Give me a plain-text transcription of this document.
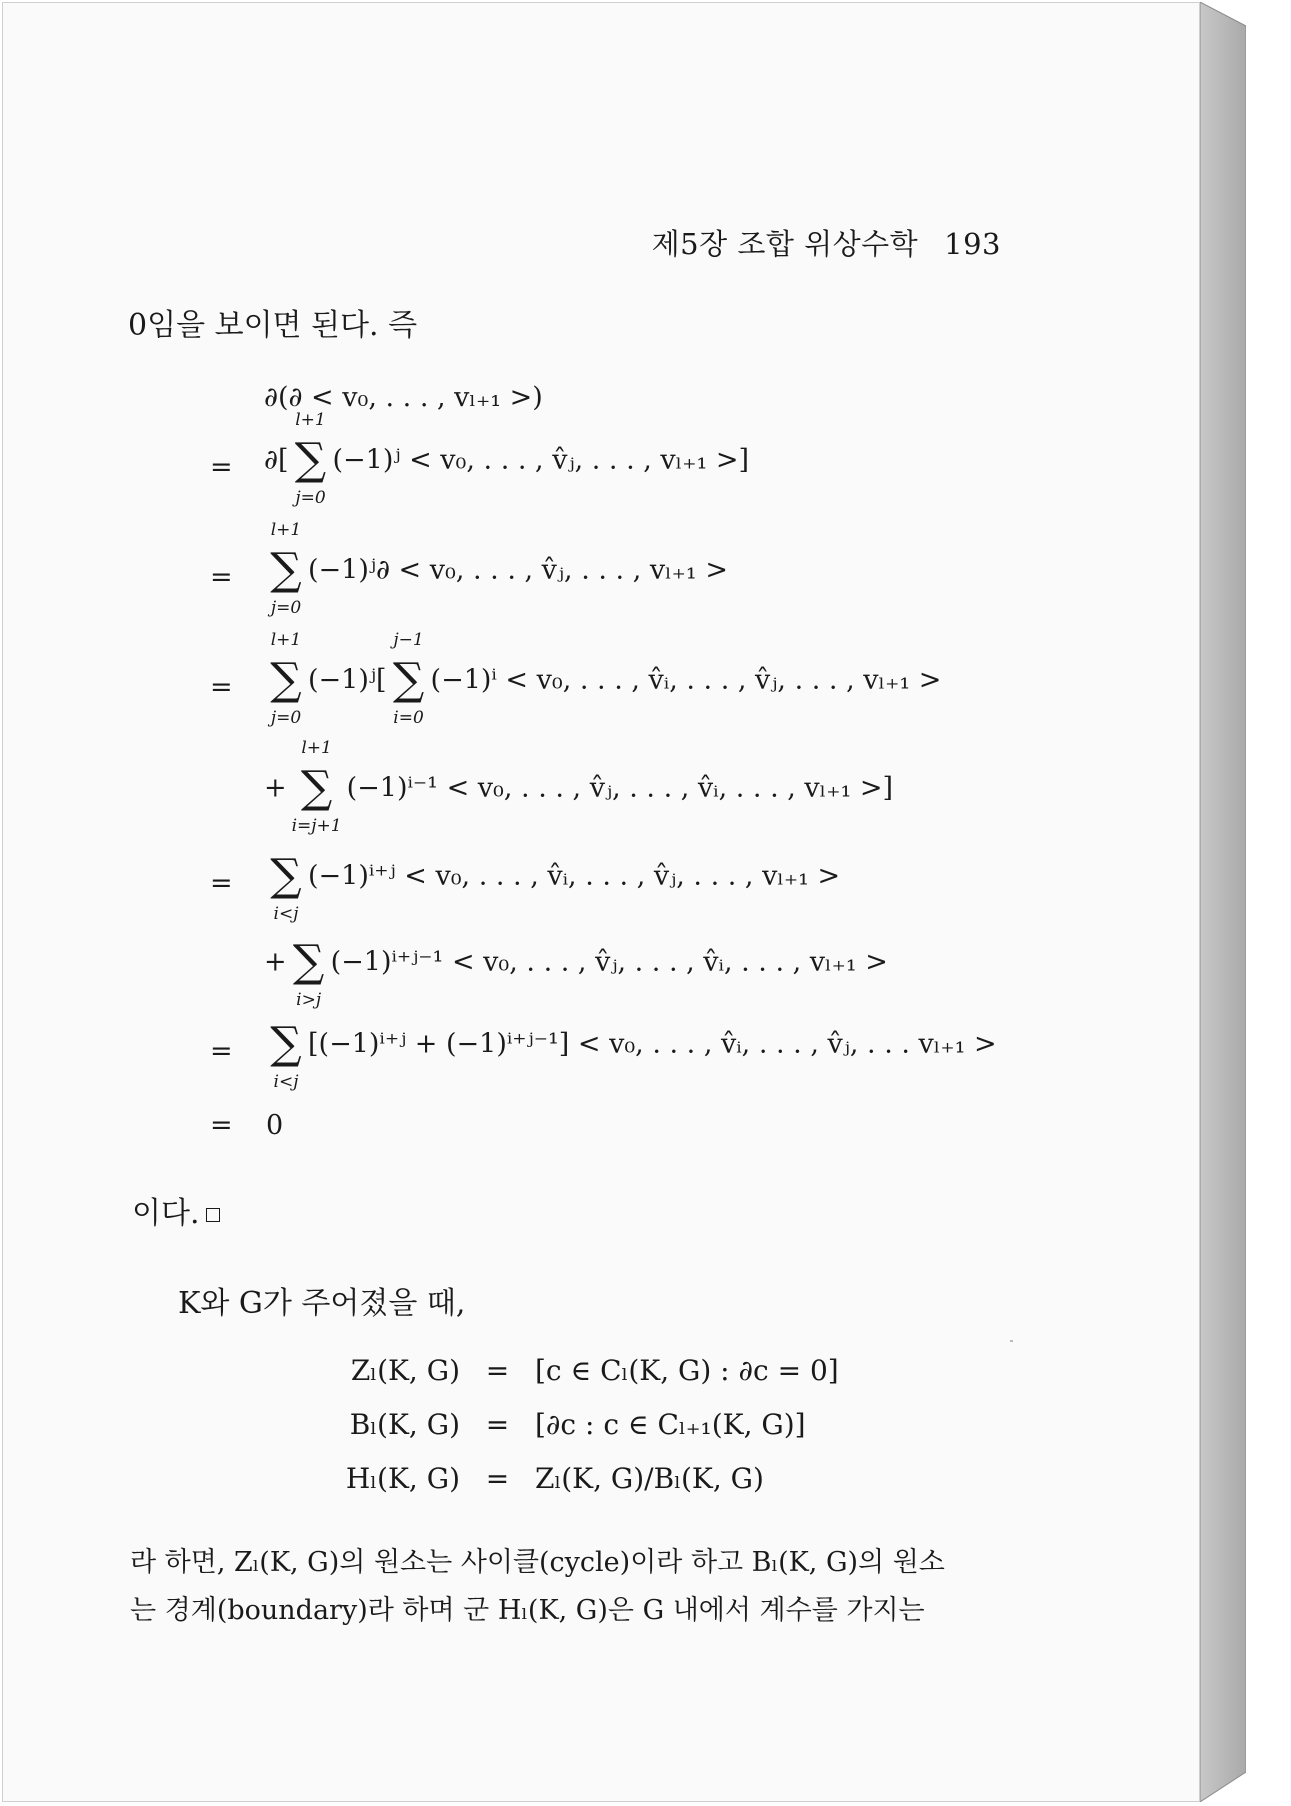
제5장 조합 위상수학 193
0임을 보이면 된다. 즉
∂(∂ < v₀, . . . , vₗ₊₁ >)
= ∂[
l+1
∑
j=0
(−1)ʲ < v₀, . . . , v̂ⱼ, . . . , vₗ₊₁ >]
=
l+1
∑
j=0
(−1)ʲ∂ < v₀, . . . , v̂ⱼ, . . . , vₗ₊₁ >
=
l+1
∑
j=0
(−1)ʲ[
j−1
∑
i=0
(−1)ⁱ < v₀, . . . , v̂ᵢ, . . . , v̂ⱼ, . . . , vₗ₊₁ >
+
l+1
∑
i=j+1
(−1)ⁱ⁻¹ < v₀, . . . , v̂ⱼ, . . . , v̂ᵢ, . . . , vₗ₊₁ >]
= ∑
i<j
(−1)ⁱ⁺ʲ < v₀, . . . , v̂ᵢ, . . . , v̂ⱼ, . . . , vₗ₊₁ >
+ ∑
i>j
(−1)ⁱ⁺ʲ⁻¹ < v₀, . . . , v̂ⱼ, . . . , v̂ᵢ, . . . , vₗ₊₁ >
= ∑
i<j
[(−1)ⁱ⁺ʲ + (−1)ⁱ⁺ʲ⁻¹] < v₀, . . . , v̂ᵢ, . . . , v̂ⱼ, . . . vₗ₊₁ >
= 0
이다.
K와 G가 주어졌을 때,
Zₗ(K, G) = [c ∈ Cₗ(K, G) : ∂c = 0]
Bₗ(K, G) = [∂c : c ∈ Cₗ₊₁(K, G)]
Hₗ(K, G) = Zₗ(K, G)/Bₗ(K, G)
라 하면, Zₗ(K, G)의 원소는 사이클(cycle)이라 하고 Bₗ(K, G)의 원소
는 경계(boundary)라 하며 군 Hₗ(K, G)은 G 내에서 계수를 가지는
